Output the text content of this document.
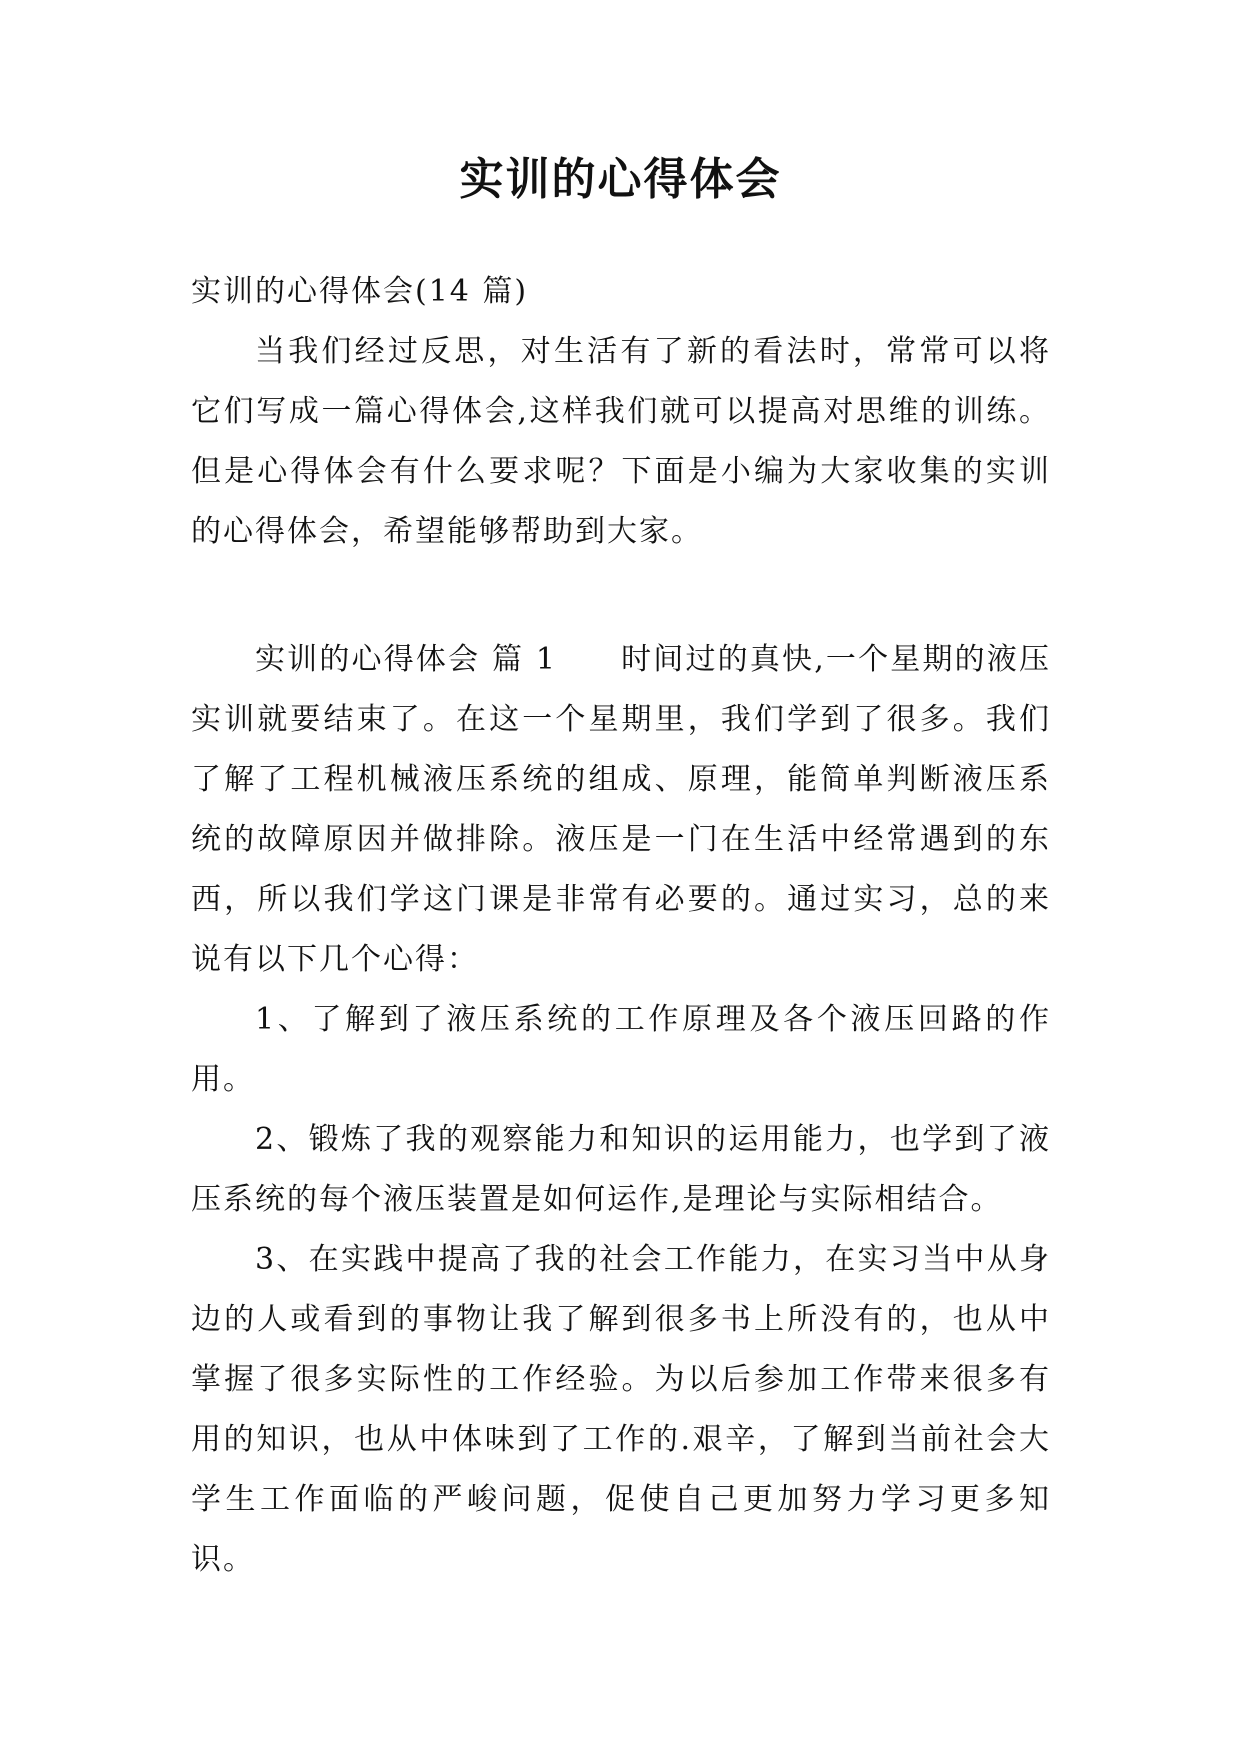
实训的心得体会

实训的心得体会(14 篇)

当我们经过反思，对生活有了新的看法时，常常可以将它们写成一篇心得体会,这样我们就可以提高对思维的训练。但是心得体会有什么要求呢？下面是小编为大家收集的实训的心得体会，希望能够帮助到大家。

实训的心得体会 篇 1   时间过的真快,一个星期的液压实训就要结束了。在这一个星期里，我们学到了很多。我们了解了工程机械液压系统的组成、原理，能简单判断液压系统的故障原因并做排除。液压是一门在生活中经常遇到的东西，所以我们学这门课是非常有必要的。通过实习，总的来说有以下几个心得：

1、了解到了液压系统的工作原理及各个液压回路的作用。

2、锻炼了我的观察能力和知识的运用能力，也学到了液压系统的每个液压装置是如何运作,是理论与实际相结合。

3、在实践中提高了我的社会工作能力，在实习当中从身边的人或看到的事物让我了解到很多书上所没有的，也从中掌握了很多实际性的工作经验。为以后参加工作带来很多有用的知识，也从中体味到了工作的.艰辛，了解到当前社会大学生工作面临的严峻问题，促使自己更加努力学习更多知识。
